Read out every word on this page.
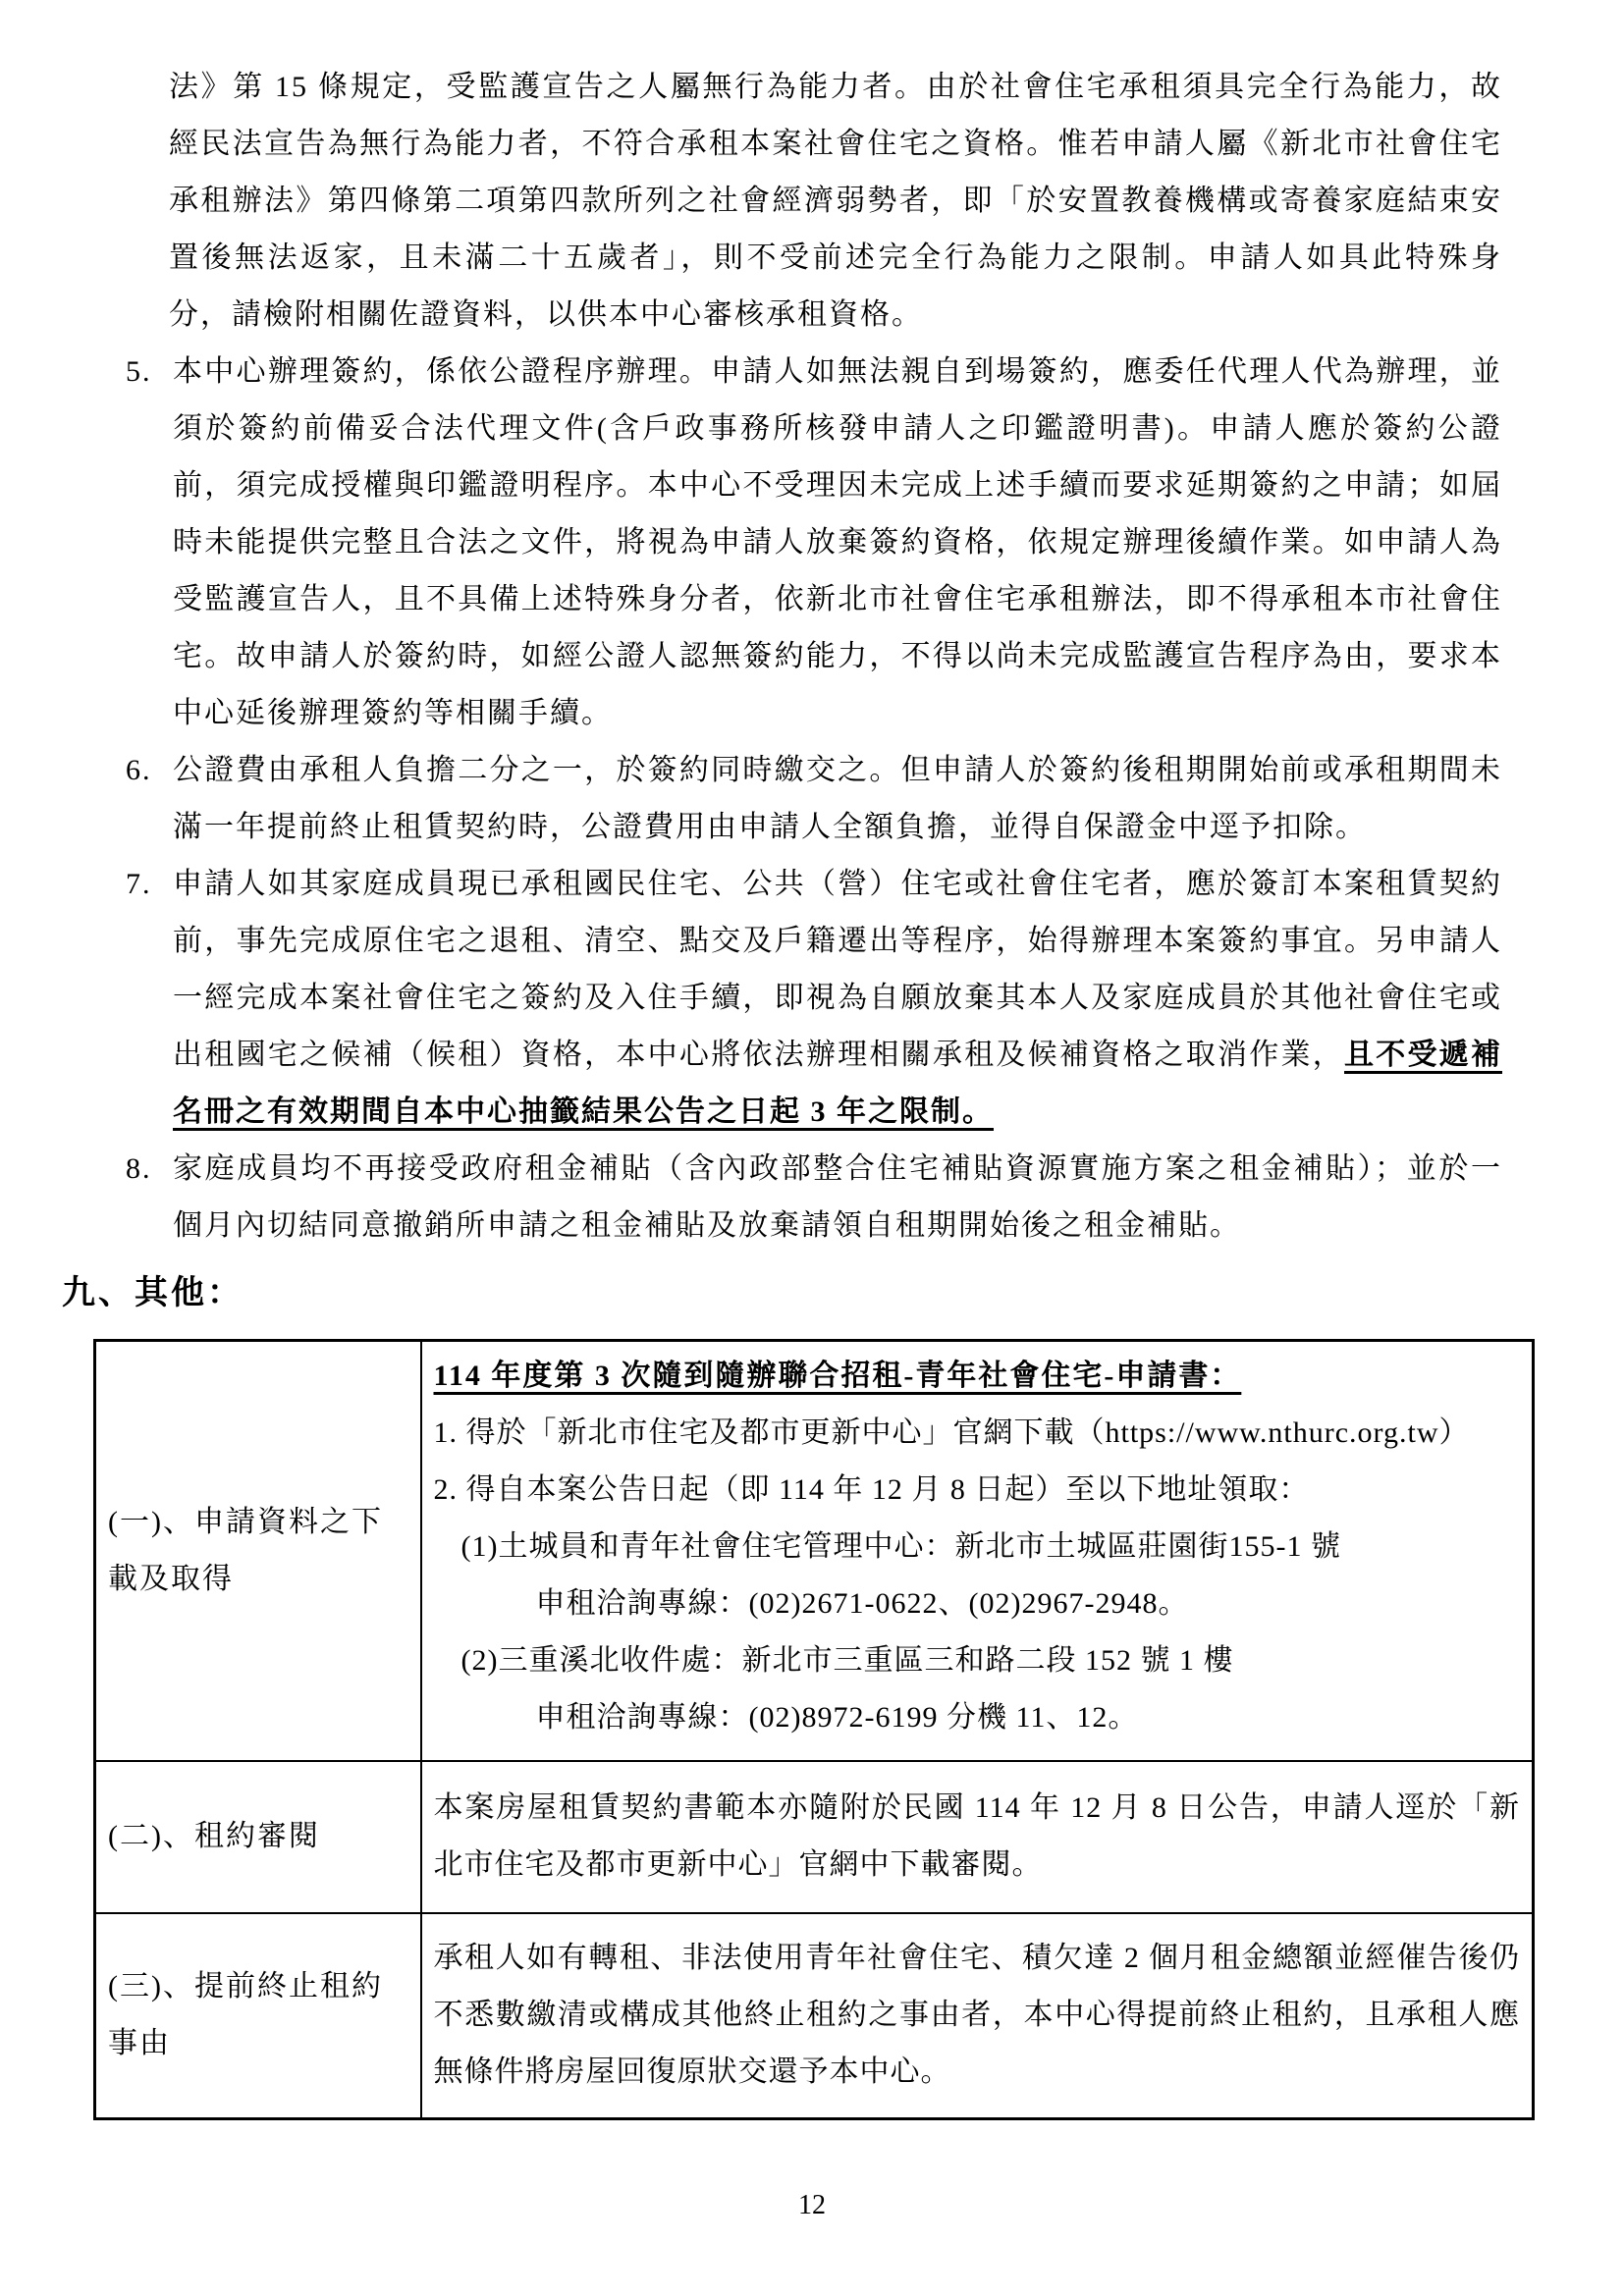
法》第 15 條規定，受監護宣告之人屬無行為能力者。由於社會住宅承租須具完全行為能力，故經民法宣告為無行為能力者，不符合承租本案社會住宅之資格。惟若申請人屬《新北市社會住宅承租辦法》第四條第二項第四款所列之社會經濟弱勢者，即「於安置教養機構或寄養家庭結束安置後無法返家，且未滿二十五歲者」，則不受前述完全行為能力之限制。申請人如具此特殊身分，請檢附相關佐證資料，以供本中心審核承租資格。

5. 本中心辦理簽約，係依公證程序辦理。申請人如無法親自到場簽約，應委任代理人代為辦理，並須於簽約前備妥合法代理文件(含戶政事務所核發申請人之印鑑證明書)。申請人應於簽約公證前，須完成授權與印鑑證明程序。本中心不受理因未完成上述手續而要求延期簽約之申請；如屆時未能提供完整且合法之文件，將視為申請人放棄簽約資格，依規定辦理後續作業。如申請人為受監護宣告人，且不具備上述特殊身分者，依新北市社會住宅承租辦法，即不得承租本市社會住宅。故申請人於簽約時，如經公證人認無簽約能力，不得以尚未完成監護宣告程序為由，要求本中心延後辦理簽約等相關手續。

6. 公證費由承租人負擔二分之一，於簽約同時繳交之。但申請人於簽約後租期開始前或承租期間未滿一年提前終止租賃契約時，公證費用由申請人全額負擔，並得自保證金中逕予扣除。

7. 申請人如其家庭成員現已承租國民住宅、公共（營）住宅或社會住宅者，應於簽訂本案租賃契約前，事先完成原住宅之退租、清空、點交及戶籍遷出等程序，始得辦理本案簽約事宜。另申請人一經完成本案社會住宅之簽約及入住手續，即視為自願放棄其本人及家庭成員於其他社會住宅或出租國宅之候補（候租）資格，本中心將依法辦理相關承租及候補資格之取消作業，且不受遞補名冊之有效期間自本中心抽籤結果公告之日起 3 年之限制。

8. 家庭成員均不再接受政府租金補貼（含內政部整合住宅補貼資源實施方案之租金補貼）；並於一個月內切結同意撤銷所申請之租金補貼及放棄請領自租期開始後之租金補貼。

九、其他：
(一)、申請資料之下載及取得	
114 年度第 3 次隨到隨辦聯合招租-青年社會住宅-申請書：
1. 得於「新北市住宅及都市更新中心」官網下載（https://www.nthurc.org.tw）
2. 得自本案公告日起（即 114 年 12 月 8 日起）至以下地址領取：
(1)土城員和青年社會住宅管理中心：新北市土城區莊園街155-1 號
申租洽詢專線：(02)2671-0622、(02)2967-2948。
(2)三重溪北收件處：新北市三重區三和路二段 152 號 1 樓
申租洽詢專線：(02)8972-6199 分機 11、12。

(二)、租約審閱	本案房屋租賃契約書範本亦隨附於民國 114 年 12 月 8 日公告，申請人逕於「新北市住宅及都市更新中心」官網中下載審閱。

(三)、提前終止租約事由	承租人如有轉租、非法使用青年社會住宅、積欠達 2 個月租金總額並經催告後仍不悉數繳清或構成其他終止租約之事由者，本中心得提前終止租約，且承租人應無條件將房屋回復原狀交還予本中心。
12
